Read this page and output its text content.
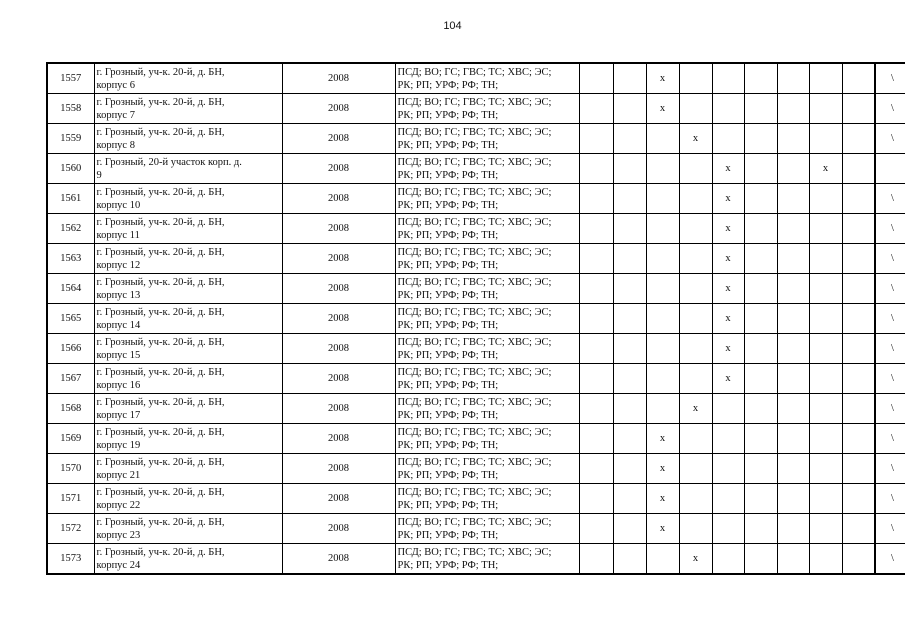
104
1557	г. Грозный, уч-к. 20-й, д. БН,
корпус 6	2008	ПСД; ВО; ГС; ГВС; ТС; ХВС; ЭС;
РК; РП; УРФ; РФ; ТН;			x							\
1558	г. Грозный, уч-к. 20-й, д. БН,
корпус 7	2008	ПСД; ВО; ГС; ГВС; ТС; ХВС; ЭС;
РК; РП; УРФ; РФ; ТН;			x							\
1559	г. Грозный, уч-к. 20-й, д. БН,
корпус 8	2008	ПСД; ВО; ГС; ГВС; ТС; ХВС; ЭС;
РК; РП; УРФ; РФ; ТН;				x						\
1560	г. Грозный, 20-й участок корп. д.
9	2008	ПСД; ВО; ГС; ГВС; ТС; ХВС; ЭС;
РК; РП; УРФ; РФ; ТН;					x			x		
1561	г. Грозный, уч-к. 20-й, д. БН,
корпус 10	2008	ПСД; ВО; ГС; ГВС; ТС; ХВС; ЭС;
РК; РП; УРФ; РФ; ТН;					x					\
1562	г. Грозный, уч-к. 20-й, д. БН,
корпус 11	2008	ПСД; ВО; ГС; ГВС; ТС; ХВС; ЭС;
РК; РП; УРФ; РФ; ТН;					x					\
1563	г. Грозный, уч-к. 20-й, д. БН,
корпус 12	2008	ПСД; ВО; ГС; ГВС; ТС; ХВС; ЭС;
РК; РП; УРФ; РФ; ТН;					x					\
1564	г. Грозный, уч-к. 20-й, д. БН,
корпус 13	2008	ПСД; ВО; ГС; ГВС; ТС; ХВС; ЭС;
РК; РП; УРФ; РФ; ТН;					x					\
1565	г. Грозный, уч-к. 20-й, д. БН,
корпус 14	2008	ПСД; ВО; ГС; ГВС; ТС; ХВС; ЭС;
РК; РП; УРФ; РФ; ТН;					x					\
1566	г. Грозный, уч-к. 20-й, д. БН,
корпус 15	2008	ПСД; ВО; ГС; ГВС; ТС; ХВС; ЭС;
РК; РП; УРФ; РФ; ТН;					x					\
1567	г. Грозный, уч-к. 20-й, д. БН,
корпус 16	2008	ПСД; ВО; ГС; ГВС; ТС; ХВС; ЭС;
РК; РП; УРФ; РФ; ТН;					x					\
1568	г. Грозный, уч-к. 20-й, д. БН,
корпус 17	2008	ПСД; ВО; ГС; ГВС; ТС; ХВС; ЭС;
РК; РП; УРФ; РФ; ТН;				x						\
1569	г. Грозный, уч-к. 20-й, д. БН,
корпус 19	2008	ПСД; ВО; ГС; ГВС; ТС; ХВС; ЭС;
РК; РП; УРФ; РФ; ТН;			x							\
1570	г. Грозный, уч-к. 20-й, д. БН,
корпус 21	2008	ПСД; ВО; ГС; ГВС; ТС; ХВС; ЭС;
РК; РП; УРФ; РФ; ТН;			x							\
1571	г. Грозный, уч-к. 20-й, д. БН,
корпус 22	2008	ПСД; ВО; ГС; ГВС; ТС; ХВС; ЭС;
РК; РП; УРФ; РФ; ТН;			x							\
1572	г. Грозный, уч-к. 20-й, д. БН,
корпус 23	2008	ПСД; ВО; ГС; ГВС; ТС; ХВС; ЭС;
РК; РП; УРФ; РФ; ТН;			x							\
1573	г. Грозный, уч-к. 20-й, д. БН,
корпус 24	2008	ПСД; ВО; ГС; ГВС; ТС; ХВС; ЭС;
РК; РП; УРФ; РФ; ТН;				x						\
